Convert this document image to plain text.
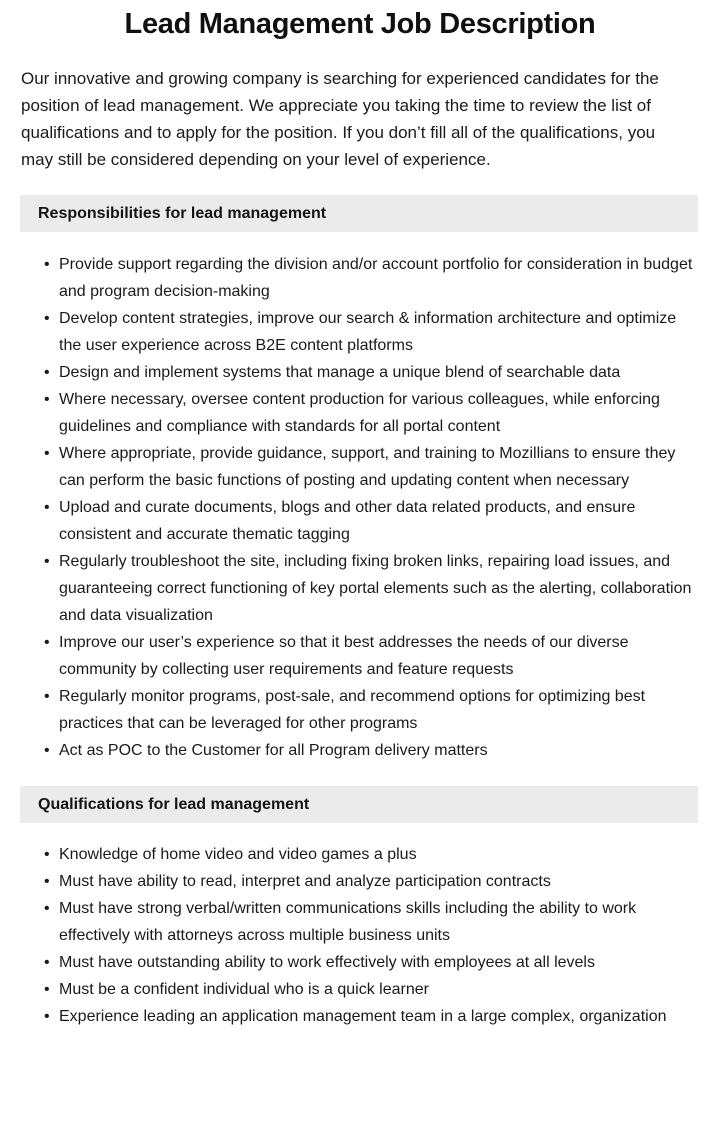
Lead Management Job Description

Our innovative and growing company is searching for experienced candidates for the position of lead management. We appreciate you taking the time to review the list of qualifications and to apply for the position. If you don’t fill all of the qualifications, you may still be considered depending on your level of experience.

Responsibilities for lead management
• Provide support regarding the division and/or account portfolio for consideration in budget and program decision-making
• Develop content strategies, improve our search & information architecture and optimize the user experience across B2E content platforms
• Design and implement systems that manage a unique blend of searchable data
• Where necessary, oversee content production for various colleagues, while enforcing guidelines and compliance with standards for all portal content
• Where appropriate, provide guidance, support, and training to Mozillians to ensure they can perform the basic functions of posting and updating content when necessary
• Upload and curate documents, blogs and other data related products, and ensure consistent and accurate thematic tagging
• Regularly troubleshoot the site, including fixing broken links, repairing load issues, and guaranteeing correct functioning of key portal elements such as the alerting, collaboration and data visualization
• Improve our user’s experience so that it best addresses the needs of our diverse community by collecting user requirements and feature requests
• Regularly monitor programs, post-sale, and recommend options for optimizing best practices that can be leveraged for other programs
• Act as POC to the Customer for all Program delivery matters
Qualifications for lead management
• Knowledge of home video and video games a plus
• Must have ability to read, interpret and analyze participation contracts
• Must have strong verbal/written communications skills including the ability to work effectively with attorneys across multiple business units
• Must have outstanding ability to work effectively with employees at all levels
• Must be a confident individual who is a quick learner
• Experience leading an application management team in a large complex, organization
